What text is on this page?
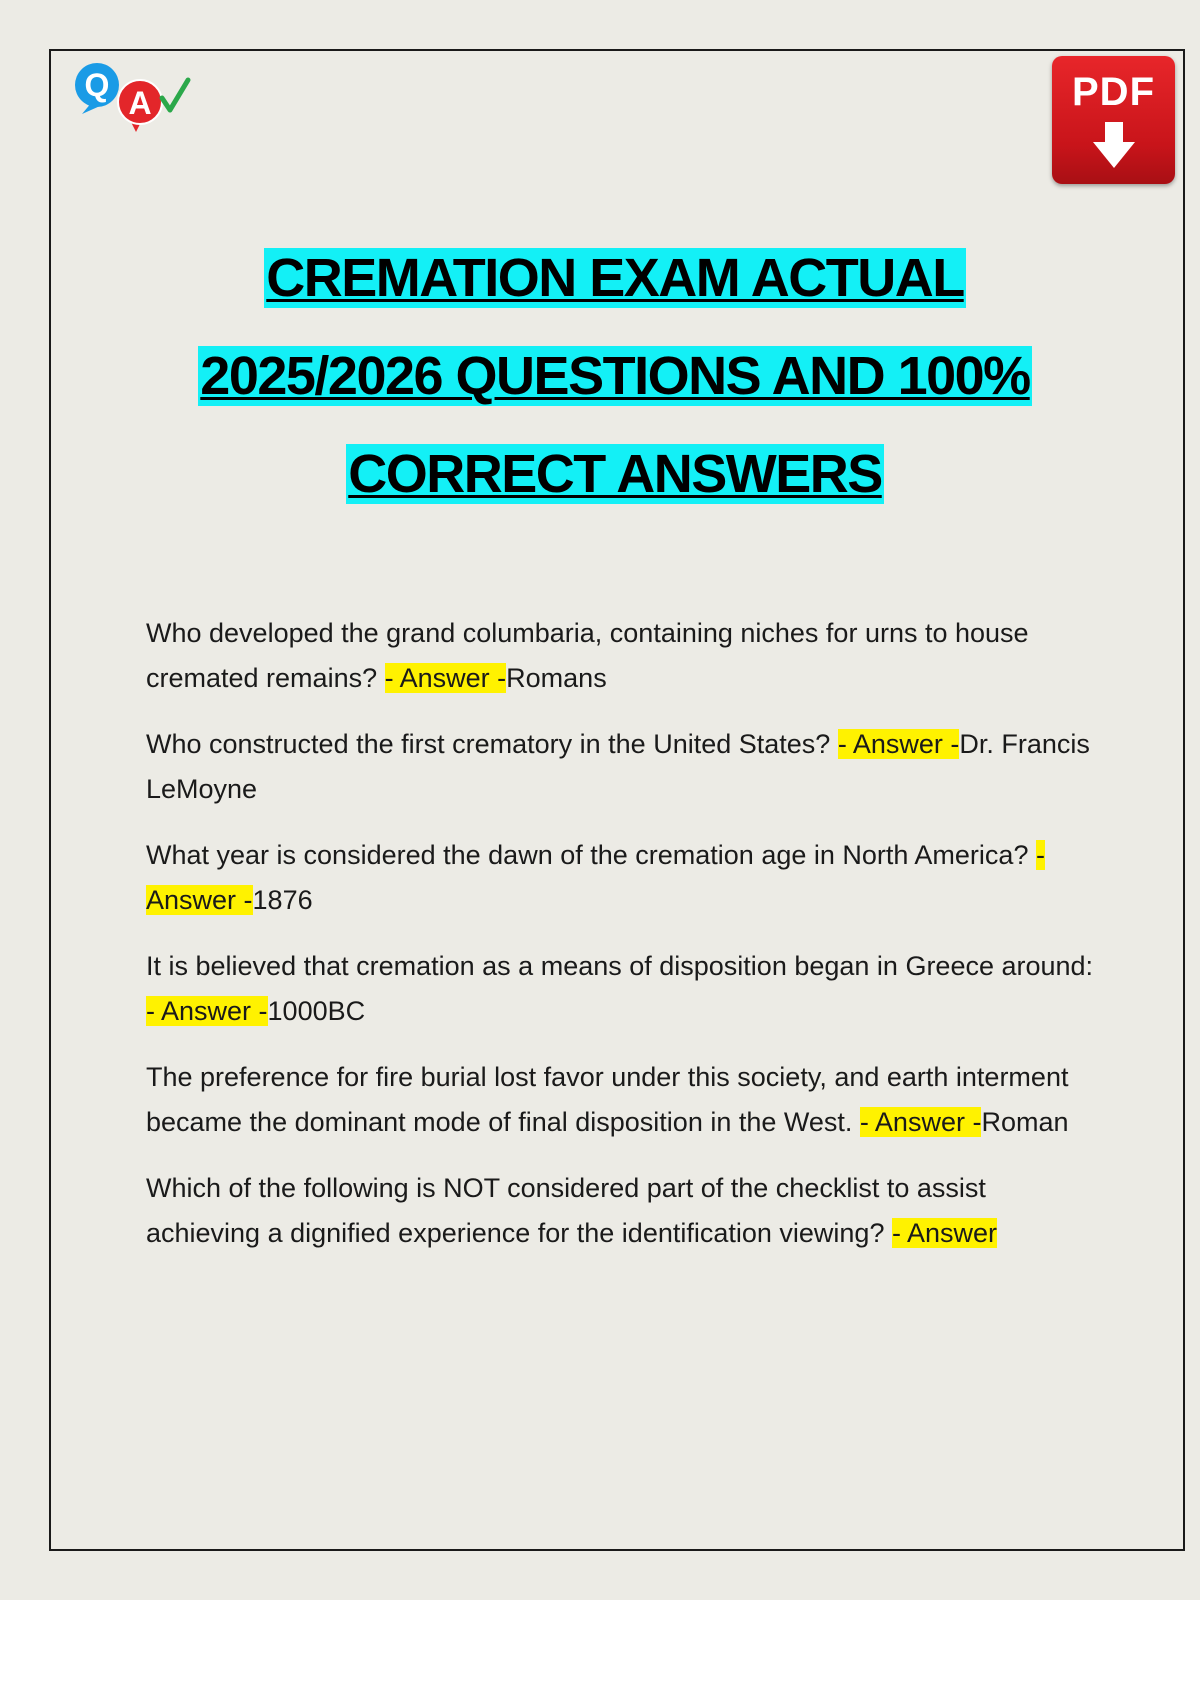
Q A	PDF
CREMATION EXAM ACTUAL
2025/2026 QUESTIONS AND 100%
CORRECT ANSWERS
Who developed the grand columbaria, containing niches for urns to house cremated remains? - Answer -Romans
Who constructed the first crematory in the United States? - Answer -Dr. Francis LeMoyne
What year is considered the dawn of the cremation age in North America? - Answer -1876
It is believed that cremation as a means of disposition began in Greece around: - Answer -1000BC
The preference for fire burial lost favor under this society, and earth interment became the dominant mode of final disposition in the West. - Answer -Roman
Which of the following is NOT considered part of the checklist to assist achieving a dignified experience for the identification viewing? - Answer
